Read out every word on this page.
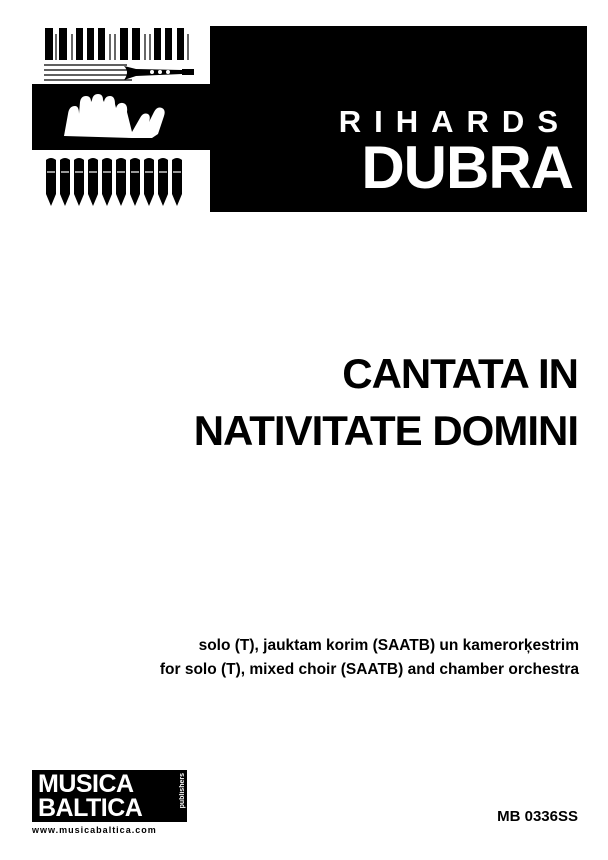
RIHARDS
DUBRA
CANTATA IN
NATIVITATE DOMINI
solo (T), jauktam korim (SAATB) un kamerorķestrim
for solo (T), mixed choir (SAATB) and chamber orchestra
MUSICA
BALTICA	publishers
www.musicabaltica.com
MB 0336SS
